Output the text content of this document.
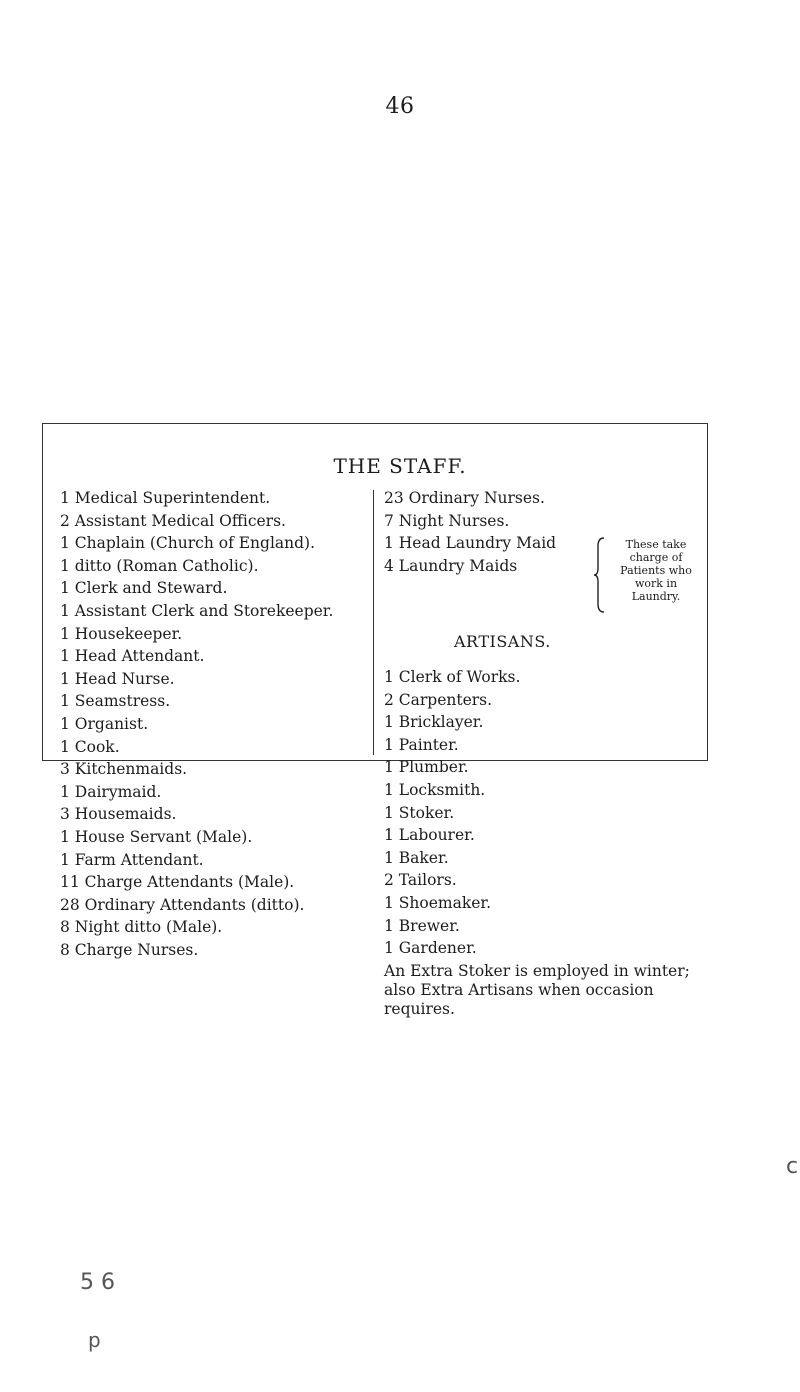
46
THE STAFF.
1 Medical Superintendent.
2 Assistant Medical Officers.
1 Chaplain (Church of England).
1 ditto (Roman Catholic).
1 Clerk and Steward.
1 Assistant Clerk and Storekeeper.
1 Housekeeper.
1 Head Attendant.
1 Head Nurse.
1 Seamstress.
1 Organist.
1 Cook.
3 Kitchenmaids.
1 Dairymaid.
3 Housemaids.
1 House Servant (Male).
1 Farm Attendant.
11 Charge Attendants (Male).
28 Ordinary Attendants (ditto).
8 Night ditto (Male).
8 Charge Nurses.
23 Ordinary Nurses.
7 Night Nurses.
1 Head Laundry Maid
4 Laundry Maids
These take charge of Patients who work in Laundry.
ARTISANS.
1 Clerk of Works.
2 Carpenters.
1 Bricklayer.
1 Painter.
1 Plumber.
1 Locksmith.
1 Stoker.
1 Labourer.
1 Baker.
2 Tailors.
1 Shoemaker.
1 Brewer.
1 Gardener.
An Extra Stoker is employed in winter; also Extra Artisans when occasion requires.
5 6
p
c
